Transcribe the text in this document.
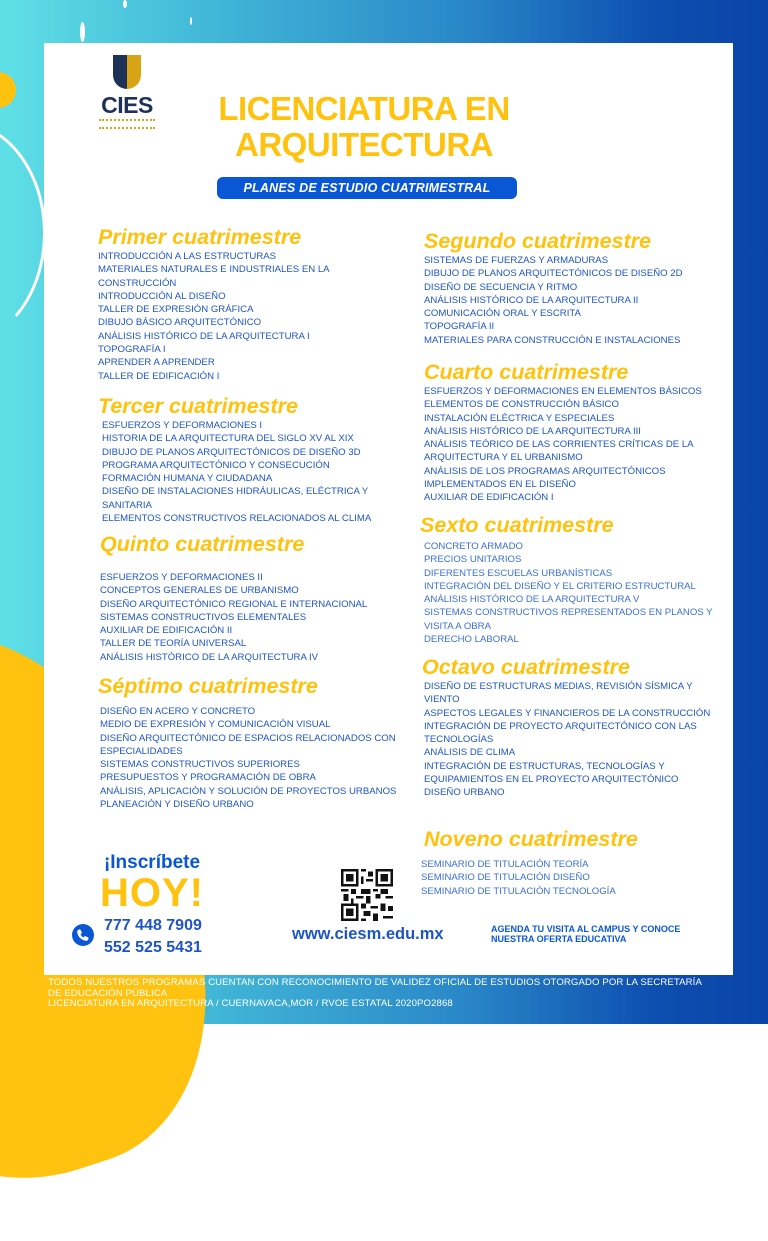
CIES	LICENCIATURA EN
ARQUITECTURA
PLANES DE ESTUDIO CUATRIMESTRAL
Primer cuatrimestre
INTRODUCCIÓN A LAS ESTRUCTURAS
MATERIALES NATURALES E INDUSTRIALES EN LA CONSTRUCCIÓN
INTRODUCCIÓN AL DISEÑO
TALLER DE EXPRESIÓN GRÁFICA
DIBUJO BÁSICO ARQUITECTÓNICO
ANÁLISIS HISTÓRICO DE LA ARQUITECTURA I
TOPOGRAFÍA I
APRENDER A APRENDER
TALLER DE EDIFICACIÓN I
Tercer cuatrimestre
ESFUERZOS Y DEFORMACIONES I
HISTORIA DE LA ARQUITECTURA DEL SIGLO XV AL XIX
DIBUJO DE PLANOS ARQUITECTÓNICOS DE DISEÑO 3D
PROGRAMA ARQUITECTÓNICO Y CONSECUCIÓN
FORMACIÓN HUMANA Y CIUDADANA
DISEÑO DE INSTALACIONES HIDRÁULICAS, ELÉCTRICA Y SANITARIA
ELEMENTOS CONSTRUCTIVOS RELACIONADOS AL CLIMA
Quinto cuatrimestre
ESFUERZOS Y DEFORMACIONES II
CONCEPTOS GENERALES DE URBANISMO
DISEÑO ARQUITECTÓNICO REGIONAL E INTERNACIONAL
SISTEMAS CONSTRUCTIVOS ELEMENTALES
AUXILIAR DE EDIFICACIÓN II
TALLER DE TEORÍA UNIVERSAL
ANÁLISIS HISTÓRICO DE LA ARQUITECTURA IV
Séptimo cuatrimestre
DISEÑO EN ACERO Y CONCRETO
MEDIO DE EXPRESIÓN Y COMUNICACIÓN VISUAL
DISEÑO ARQUITECTÓNICO DE ESPACIOS RELACIONADOS CON ESPECIALIDADES
SISTEMAS CONSTRUCTIVOS SUPERIORES
PRESUPUESTOS Y PROGRAMACIÓN DE OBRA
ANÁLISIS, APLICACIÓN Y SOLUCIÓN DE PROYECTOS URBANOS
PLANEACIÓN Y DISEÑO URBANO
Segundo cuatrimestre
SISTEMAS DE FUERZAS Y ARMADURAS
DIBUJO DE PLANOS ARQUITECTÓNICOS DE DISEÑO 2D
DISEÑO DE SECUENCIA Y RITMO
ANÁLISIS HISTÓRICO DE LA ARQUITECTURA II
COMUNICACIÓN ORAL Y ESCRITA
TOPOGRAFÍA II
MATERIALES PARA CONSTRUCCIÓN E INSTALACIONES
Cuarto cuatrimestre
ESFUERZOS Y DEFORMACIONES EN ELEMENTOS BÁSICOS
ELEMENTOS DE CONSTRUCCIÓN BÁSICO
INSTALACIÓN ELÉCTRICA Y ESPECIALES
ANÁLISIS HISTÓRICO DE LA ARQUITECTURA III
ANÁLISIS TEÓRICO DE LAS CORRIENTES CRÍTICAS DE LA ARQUITECTURA Y EL URBANISMO
ANÁLISIS DE LOS PROGRAMAS ARQUITECTÓNICOS IMPLEMENTADOS EN EL DISEÑO
AUXILIAR DE EDIFICACIÓN I
Sexto cuatrimestre
CONCRETO ARMADO
PRECIOS UNITARIOS
DIFERENTES ESCUELAS URBANÍSTICAS
INTEGRACIÓN DEL DISEÑO Y EL CRITERIO ESTRUCTURAL
ANÁLISIS HISTÓRICO DE LA ARQUITECTURA V
SISTEMAS CONSTRUCTIVOS REPRESENTADOS EN PLANOS Y VISITA A OBRA
DERECHO LABORAL
Octavo cuatrimestre
DISEÑO DE ESTRUCTURAS MEDIAS, REVISIÓN SÍSMICA Y VIENTO
ASPECTOS LEGALES Y FINANCIEROS DE LA CONSTRUCCIÓN
INTEGRACIÓN DE PROYECTO ARQUITECTÓNICO CON LAS TECNOLOGÍAS
ANÁLISIS DE CLIMA
INTEGRACIÓN DE ESTRUCTURAS, TECNOLOGÍAS Y EQUIPAMIENTOS EN EL PROYECTO ARQUITECTÓNICO
DISEÑO URBANO
Noveno cuatrimestre
SEMINARIO DE TITULACIÓN TEORÍA
SEMINARIO DE TITULACIÓN DISEÑO
SEMINARIO DE TITULACIÓN TECNOLOGÍA
¡Inscríbete
HOY!
777 448 7909
552 525 5431
www.ciesm.edu.mx	AGENDA TU VISITA AL CAMPUS Y CONOCE
NUESTRA OFERTA EDUCATIVA
TODOS NUESTROS PROGRAMAS CUENTAN CON RECONOCIMIENTO DE VALIDEZ OFICIAL DE ESTUDIOS OTORGADO POR LA SECRETARÍA
DE EDUCACIÓN PÚBLICA
LICENCIATURA EN ARQUITECTURA / CUERNAVACA,MOR / RVOE ESTATAL 2020PO2868
